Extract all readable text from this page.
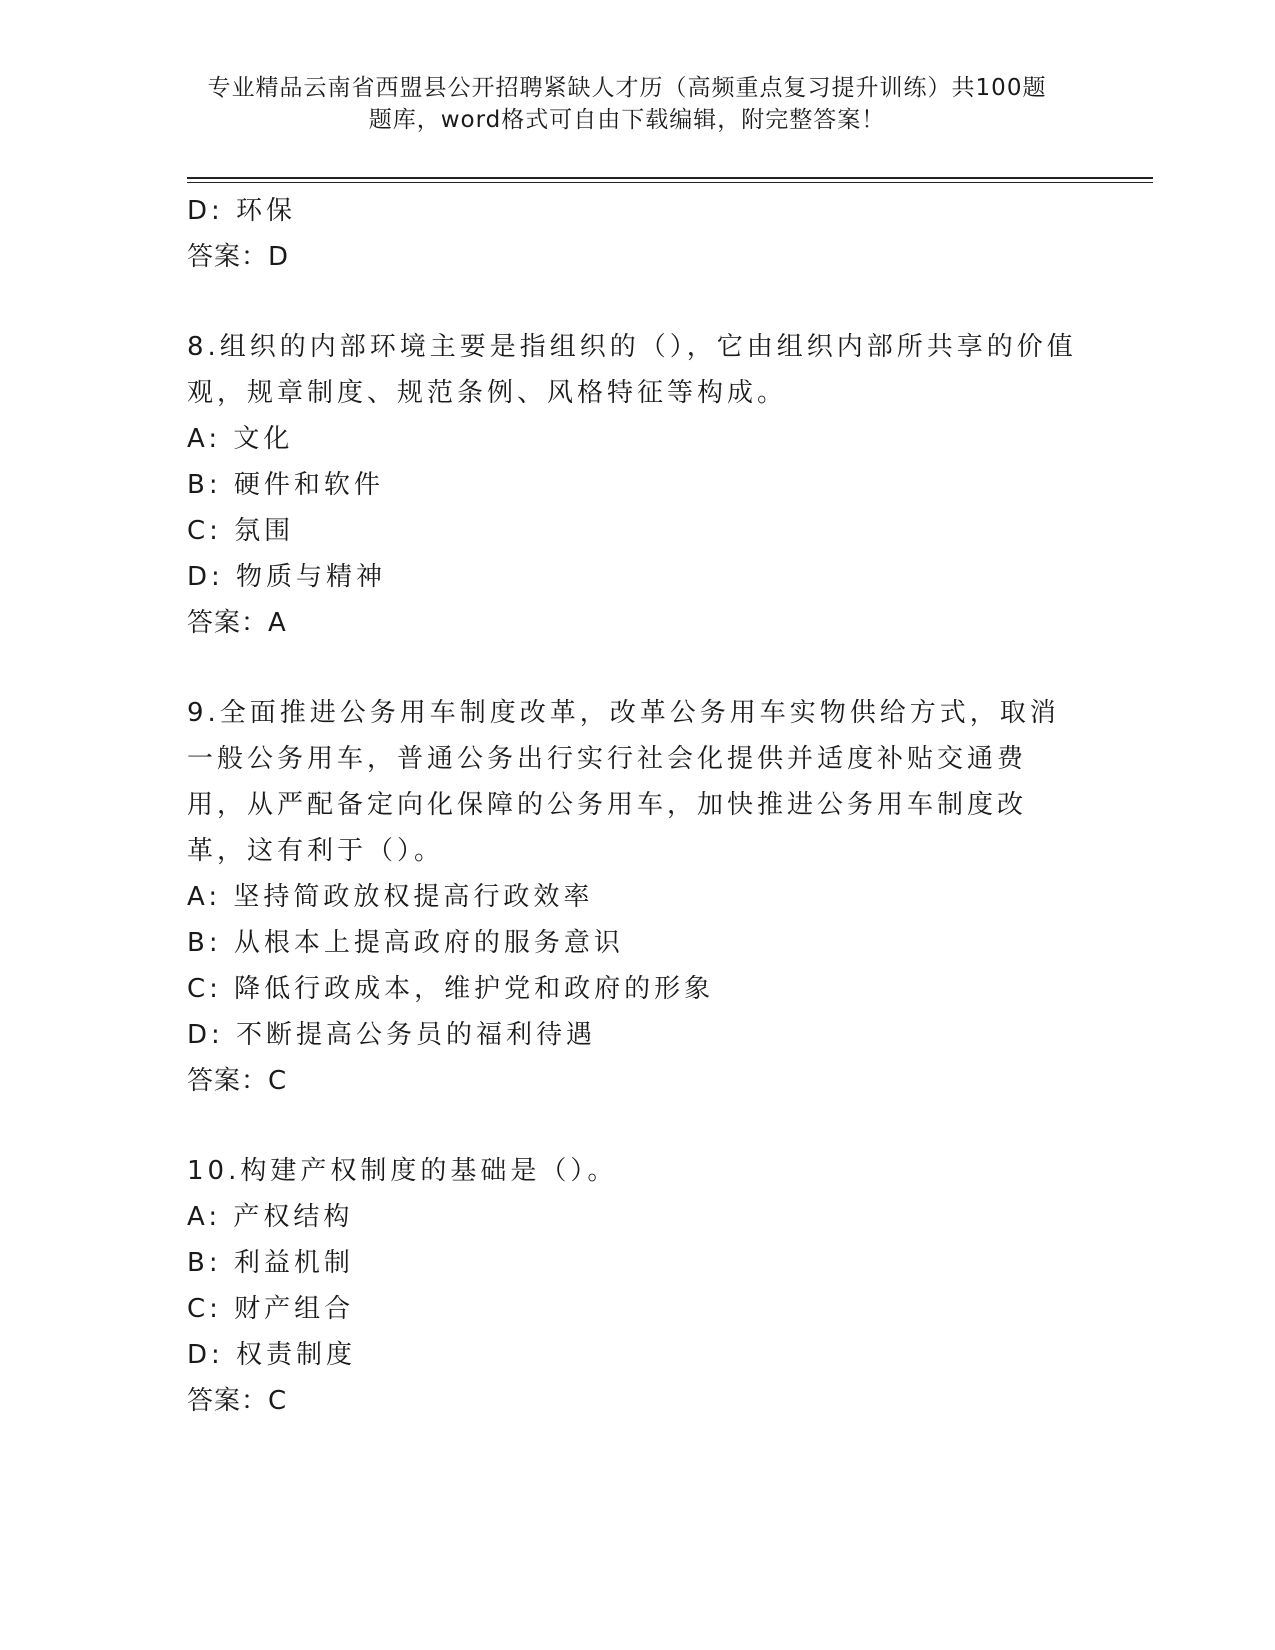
专业精品云南省西盟县公开招聘紧缺人才历（高频重点复习提升训练）共100题
题库，word格式可自由下载编辑，附完整答案！
D: 环保
答案：D
8.组织的内部环境主要是指组织的（），它由组织内部所共享的价值观，规章制度、规范条例、风格特征等构成。
A: 文化
B: 硬件和软件
C: 氛围
D: 物质与精神
答案：A
9.全面推进公务用车制度改革，改革公务用车实物供给方式，取消一般公务用车，普通公务出行实行社会化提供并适度补贴交通费用，从严配备定向化保障的公务用车，加快推进公务用车制度改革，这有利于（）。
A: 坚持简政放权提高行政效率
B: 从根本上提高政府的服务意识
C: 降低行政成本，维护党和政府的形象
D: 不断提高公务员的福利待遇
答案：C
10.构建产权制度的基础是（）。
A: 产权结构
B: 利益机制
C: 财产组合
D: 权责制度
答案：C
